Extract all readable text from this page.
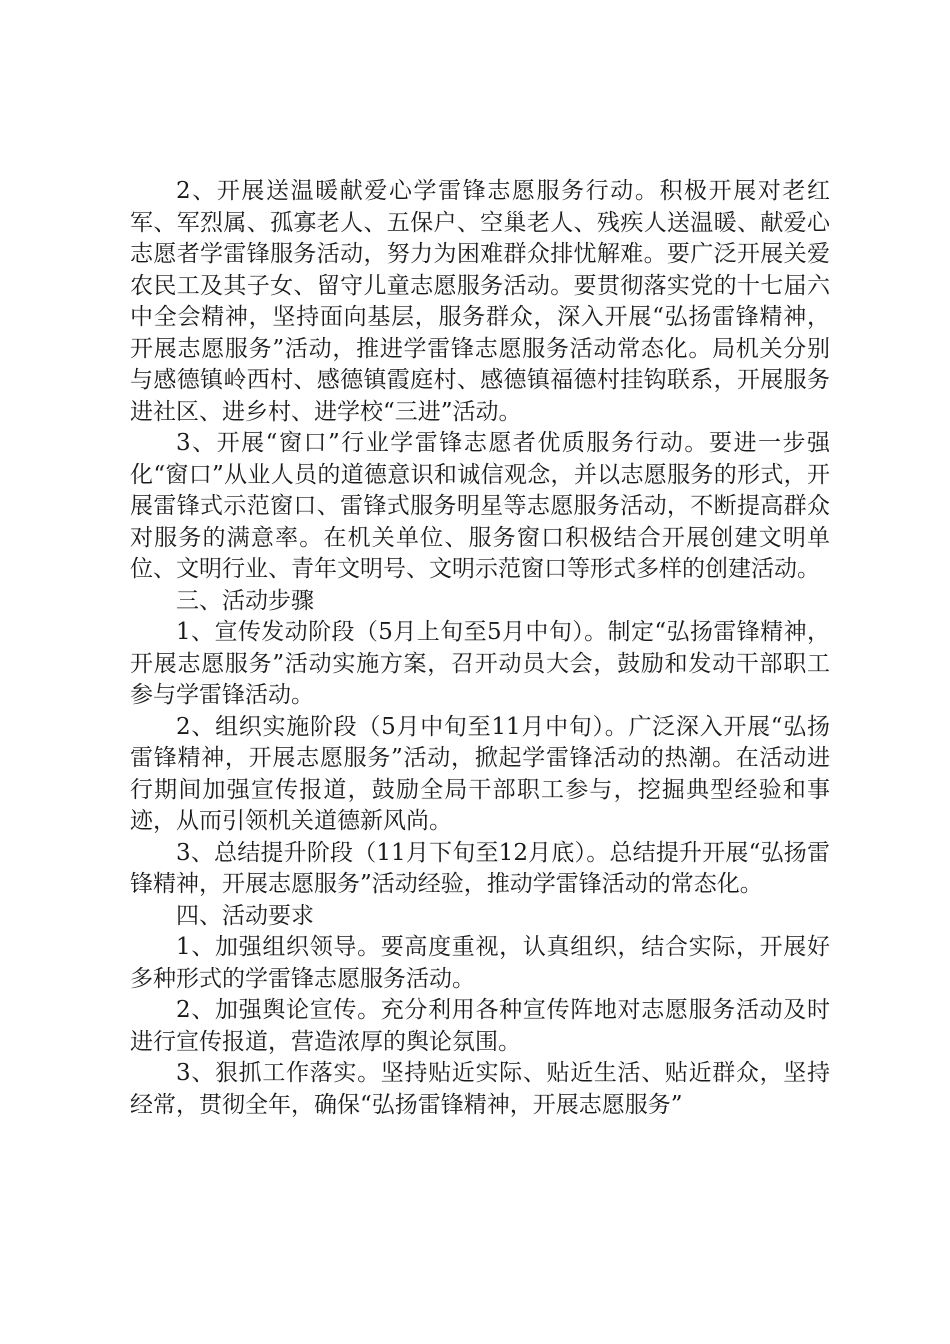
2、开展送温暖献爱心学雷锋志愿服务行动。积极开展对老红军、军烈属、孤寡老人、五保户、空巢老人、残疾人送温暖、献爱心志愿者学雷锋服务活动，努力为困难群众排忧解难。要广泛开展关爱农民工及其子女、留守儿童志愿服务活动。要贯彻落实党的十七届六中全会精神，坚持面向基层，服务群众，深入开展“弘扬雷锋精神，开展志愿服务”活动，推进学雷锋志愿服务活动常态化。局机关分别与感德镇岭西村、感德镇霞庭村、感德镇福德村挂钩联系，开展服务进社区、进乡村、进学校“三进”活动。

3、开展“窗口”行业学雷锋志愿者优质服务行动。要进一步强化“窗口”从业人员的道德意识和诚信观念，并以志愿服务的形式，开展雷锋式示范窗口、雷锋式服务明星等志愿服务活动，不断提高群众对服务的满意率。在机关单位、服务窗口积极结合开展创建文明单位、文明行业、青年文明号、文明示范窗口等形式多样的创建活动。

三、活动步骤

1、宣传发动阶段（5月上旬至5月中旬）。制定“弘扬雷锋精神，开展志愿服务”活动实施方案，召开动员大会，鼓励和发动干部职工参与学雷锋活动。

2、组织实施阶段（5月中旬至11月中旬）。广泛深入开展“弘扬雷锋精神，开展志愿服务”活动，掀起学雷锋活动的热潮。在活动进行期间加强宣传报道，鼓励全局干部职工参与，挖掘典型经验和事迹，从而引领机关道德新风尚。

3、总结提升阶段（11月下旬至12月底）。总结提升开展“弘扬雷锋精神，开展志愿服务”活动经验，推动学雷锋活动的常态化。

四、活动要求

1、加强组织领导。要高度重视，认真组织，结合实际，开展好多种形式的学雷锋志愿服务活动。

2、加强舆论宣传。充分利用各种宣传阵地对志愿服务活动及时进行宣传报道，营造浓厚的舆论氛围。

3、狠抓工作落实。坚持贴近实际、贴近生活、贴近群众，坚持经常，贯彻全年，确保“弘扬雷锋精神，开展志愿服务”
